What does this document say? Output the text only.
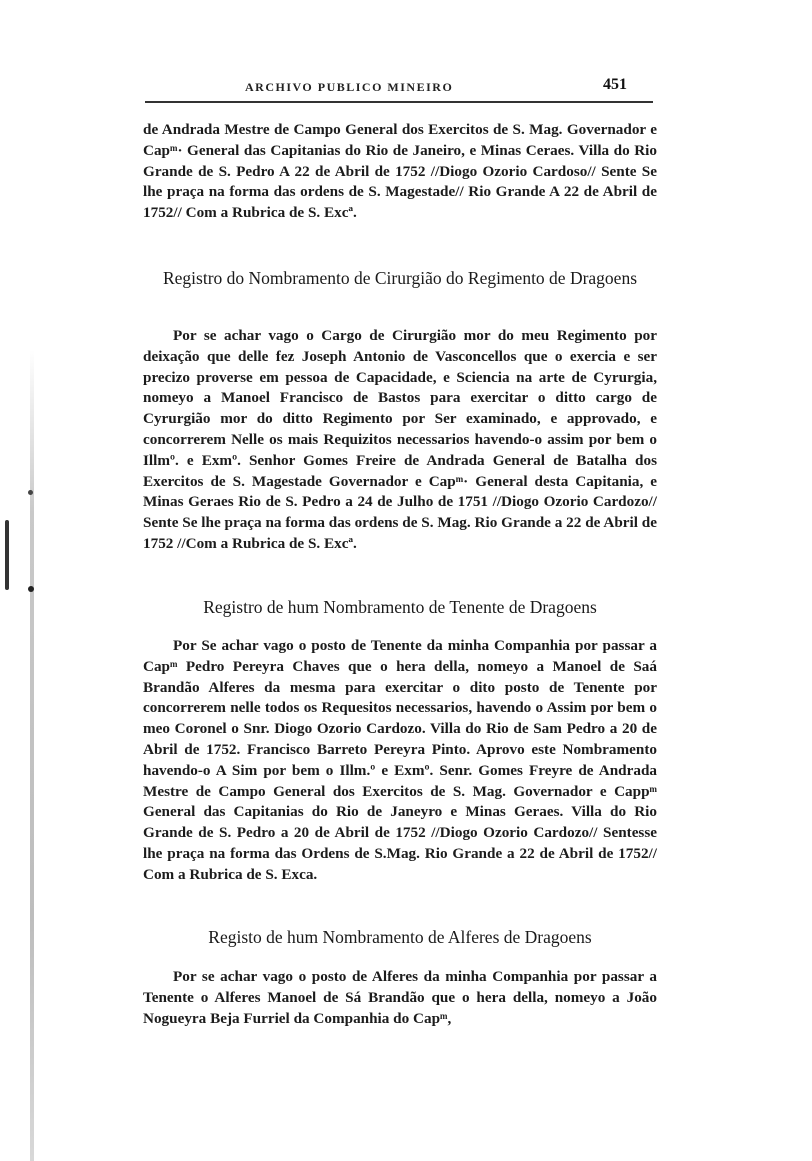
ARCHIVO PUBLICO MINEIRO	451

de Andrada Mestre de Campo General dos Exercitos de S. Mag. Governador e Capᵐ· General das Capitanias do Rio de Janeiro, e Minas Ceraes. Villa do Rio Grande de S. Pedro A 22 de Abril de 1752 //Diogo Ozorio Cardoso// Sente Se lhe praça na forma das ordens de S. Magestade// Rio Grande A 22 de Abril de 1752// Com a Rubrica de S. Excª.

Registro do Nombramento de Cirurgião do Regimento de Dragoens

Por se achar vago o Cargo de Cirurgião mor do meu Regimento por deixação que delle fez Joseph Antonio de Vasconcellos que o exercia e ser precizo proverse em pessoa de Capacidade, e Sciencia na arte de Cyrurgia, nomeyo a Manoel Francisco de Bastos para exercitar o ditto cargo de Cyrurgião mor do ditto Regimento por Ser examinado, e approvado, e concorrerem Nelle os mais Requizitos necessarios havendo-o assim por bem o Illmº. e Exmº. Senhor Gomes Freire de Andrada General de Batalha dos Exercitos de S. Magestade Governador e Capᵐ· General desta Capitania, e Minas Geraes Rio de S. Pedro a 24 de Julho de 1751 //Diogo Ozorio Cardozo// Sente Se lhe praça na forma das ordens de S. Mag. Rio Grande a 22 de Abril de 1752 //Com a Rubrica de S. Excª.

Registro de hum Nombramento de Tenente de Dragoens

Por Se achar vago o posto de Tenente da minha Companhia por passar a Capᵐ Pedro Pereyra Chaves que o hera della, nomeyo a Manoel de Saá Brandão Alferes da mesma para exercitar o dito posto de Tenente por concorrerem nelle todos os Requesitos necessarios, havendo o Assim por bem o meo Coronel o Snr. Diogo Ozorio Cardozo. Villa do Rio de Sam Pedro a 20 de Abril de 1752. Francisco Barreto Pereyra Pinto. Aprovo este Nombramento havendo-o A Sim por bem o Illm.º e Exmº. Senr. Gomes Freyre de Andrada Mestre de Campo General dos Exercitos de S. Mag. Governador e Cappᵐ General das Capitanias do Rio de Janeyro e Minas Geraes. Villa do Rio Grande de S. Pedro a 20 de Abril de 1752 //Diogo Ozorio Cardozo// Sentesse lhe praça na forma das Ordens de S.Mag. Rio Grande a 22 de Abril de 1752// Com a Rubrica de S. Exca.

Registo de hum Nombramento de Alferes de Dragoens

Por se achar vago o posto de Alferes da minha Companhia por passar a Tenente o Alferes Manoel de Sá Brandão que o hera della, nomeyo a João Nogueyra Beja Furriel da Companhia do Capᵐ,
